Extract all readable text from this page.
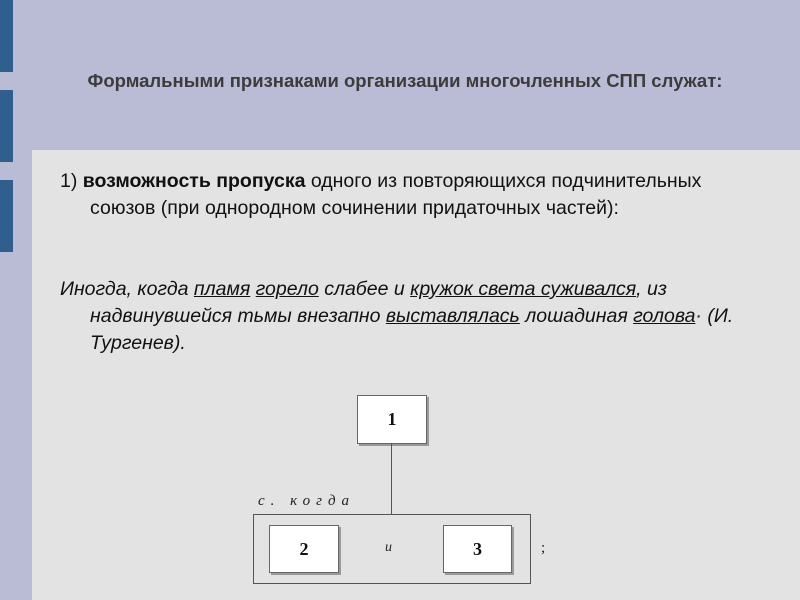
Формальными признаками организации многочленных СПП служат:
1) возможность пропуска одного из повторяющихся подчинительных союзов (при однородном сочинении придаточных частей):
Иногда, когда пламя горело слабее и кружок света суживался, из надвинувшейся тьмы внезапно выставлялась лошадиная голова· (И. Тургенев).
1
с. когда
2	и	3	;
